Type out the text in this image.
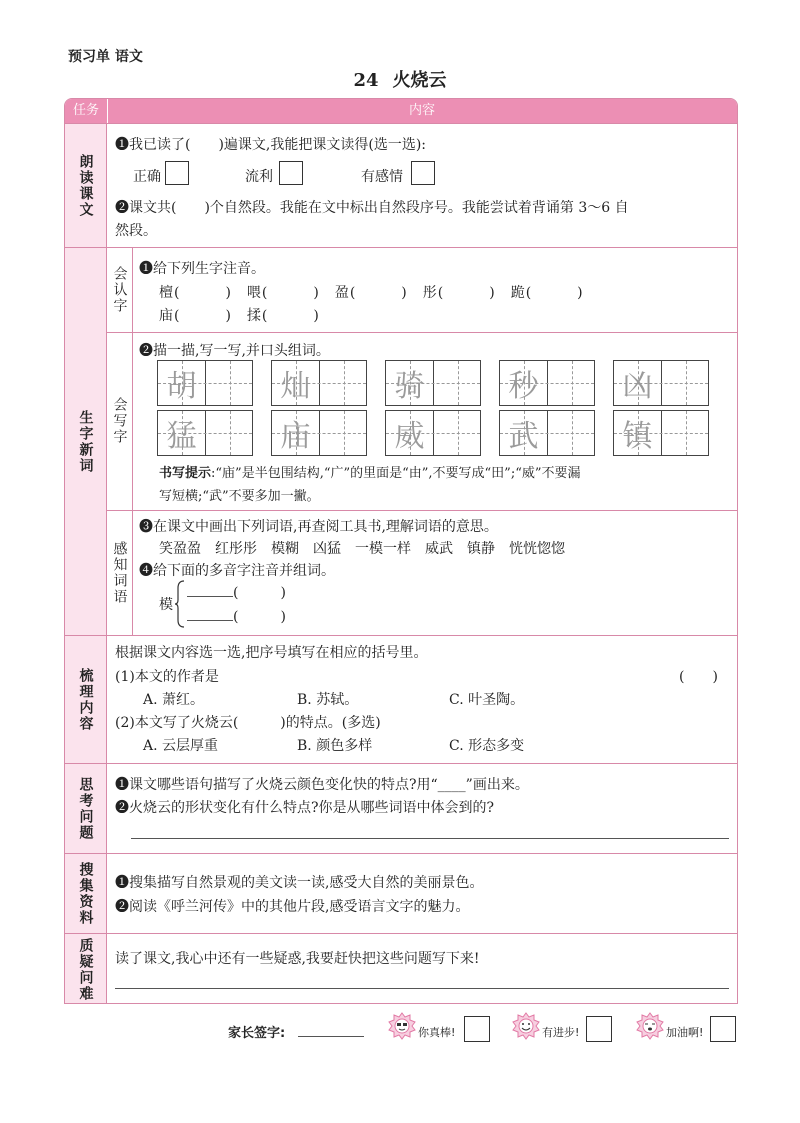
预习单 语文
24 火烧云
任务	内容
朗读课文
❶我已读了(　　)遍课文,我能把课文读得(选一选):
正确	流利	有感情
❷课文共(　　)个自然段。我能在文中标出自然段序号。我能尝试着背诵第 3～6 自
然段。
生字新词
会认字 ❶给下列生字注音。
檀(　　　)　喂(　　　)　盈(　　　)　彤(　　　)　跪(　　　)
庙(　　　)　揉(　　　)
会写字
❷描一描,写一写,并口头组词。
胡	灿	骑	秒	凶
猛	庙	威	武	镇
书写提示:“庙”是半包围结构,“广”的里面是“由”,不要写成“田”;“威”不要漏
写短横;“武”不要多加一撇。
感知词语
❸在课文中画出下列词语,再查阅工具书,理解词语的意思。
笑盈盈　红彤彤　模糊　凶猛　一模一样　威武　镇静　恍恍惚惚
❹给下面的多音字注音并组词。
模
(　　　)
(　　　)
梳理内容
根据课文内容选一选,把序号填写在相应的括号里。
(1)本文的作者是	(　　)
A. 萧红。	B. 苏轼。	C. 叶圣陶。
(2)本文写了火烧云(　　　)的特点。(多选)
A. 云层厚重	B. 颜色多样	C. 形态多变
思考问题 ❶课文哪些语句描写了火烧云颜色变化快的特点?用“____”画出来。
❷火烧云的形状变化有什么特点?你是从哪些词语中体会到的?
搜集资料 ❶搜集描写自然景观的美文读一读,感受大自然的美丽景色。
❷阅读《呼兰河传》中的其他片段,感受语言文字的魅力。
质疑问难 读了课文,我心中还有一些疑惑,我要赶快把这些问题写下来!
家长签字:	你真棒!	有进步!	加油啊!
